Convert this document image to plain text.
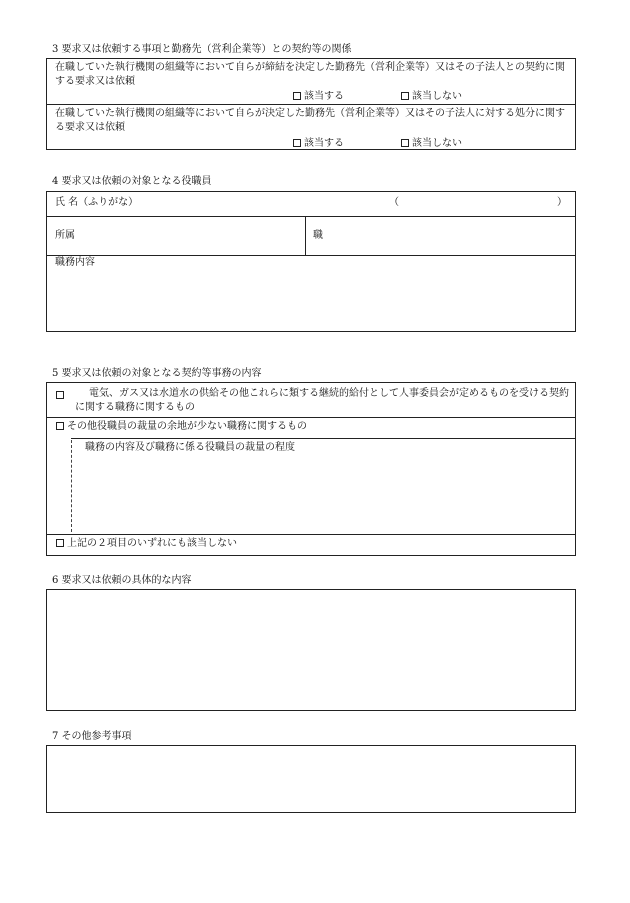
3 要求又は依頼する事項と勤務先（営利企業等）との契約等の関係
在職していた執行機関の組織等において自らが締結を決定した勤務先（営利企業等）又はその子法人との契約に関する要求又は依頼
該当する	該当しない
在職していた執行機関の組織等において自らが決定した勤務先（営利企業等）又はその子法人に対する処分に関する要求又は依頼
該当する	該当しない
4 要求又は依頼の対象となる役職員
氏 名（ふりがな）	（	）
所属	職
職務内容
5 要求又は依頼の対象となる契約等事務の内容
電気、ガス又は水道水の供給その他これらに類する継続的給付として人事委員会が定めるものを受ける契約に関する職務に関するもの
その他役職員の裁量の余地が少ない職務に関するもの
職務の内容及び職務に係る役職員の裁量の程度
上記の２項目のいずれにも該当しない
6 要求又は依頼の具体的な内容
7 その他参考事項
